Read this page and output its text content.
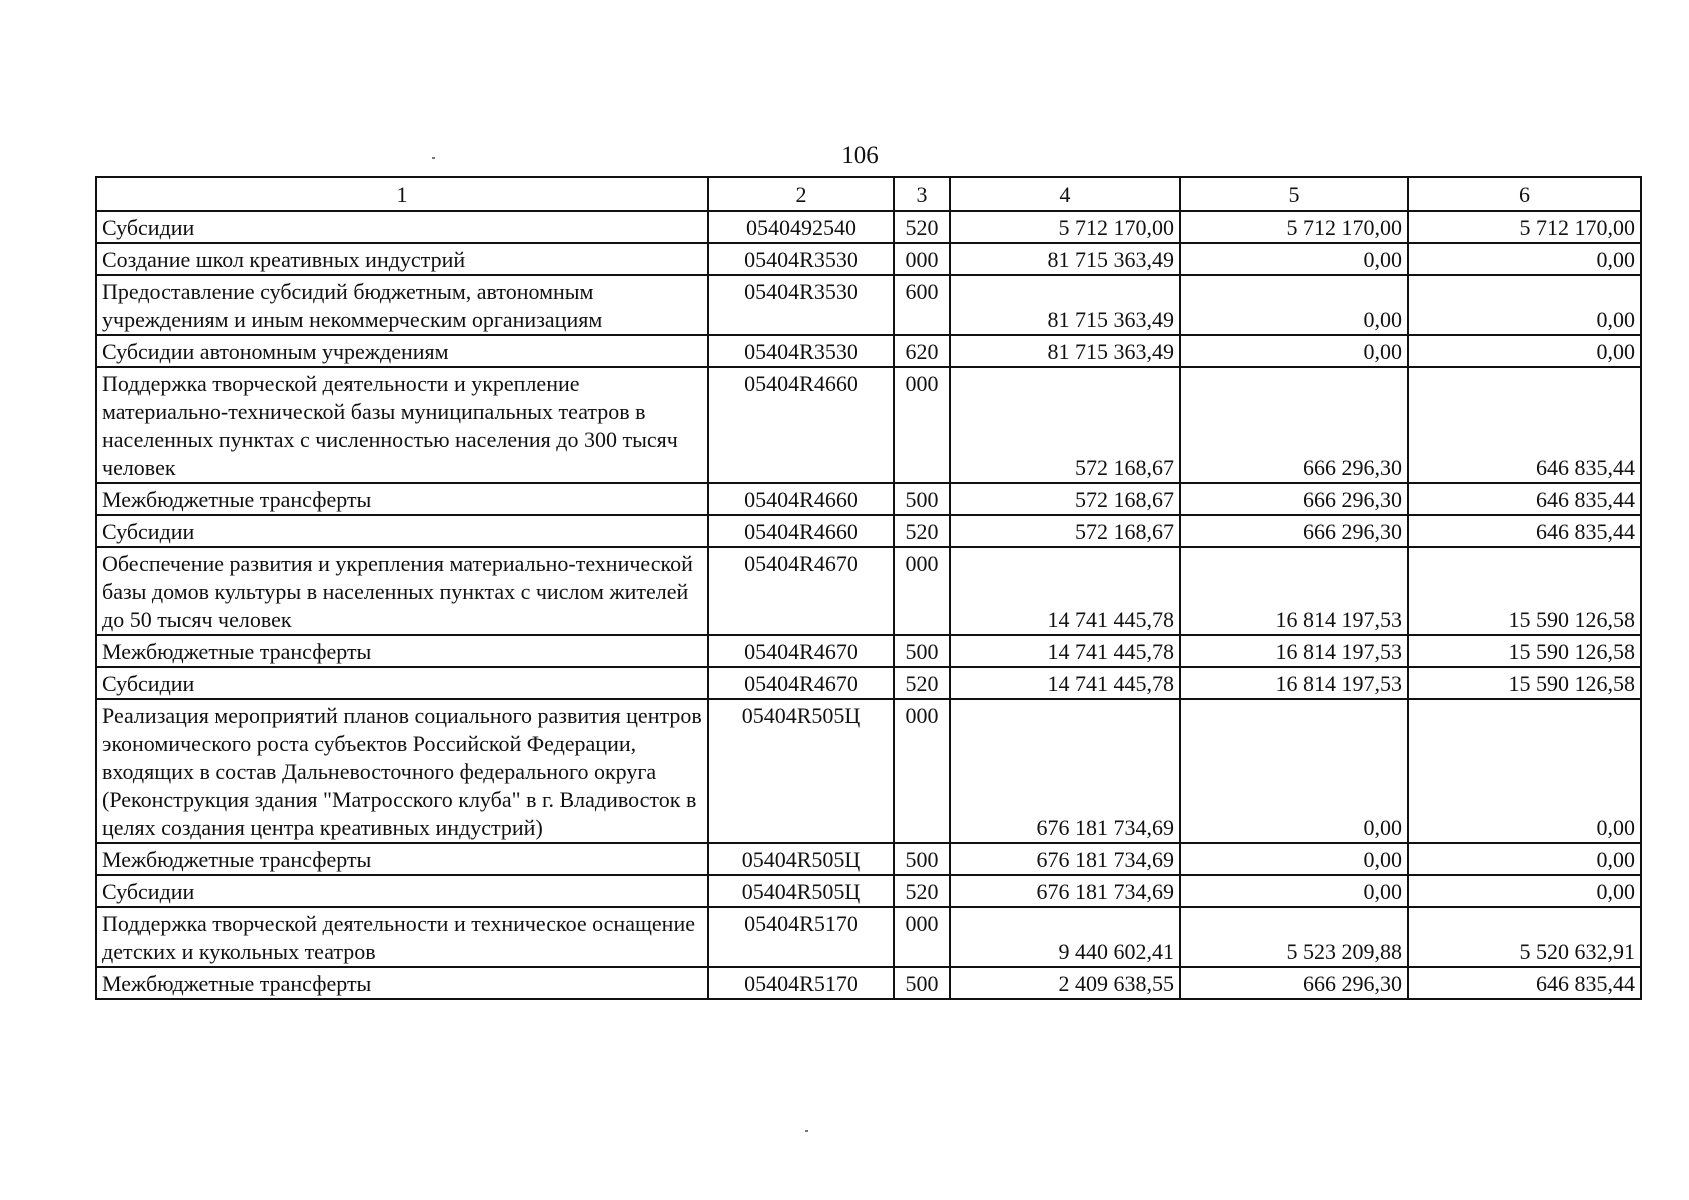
106
1	2	3	4	5	6
Субсидии	0540492540	520	5 712 170,00	5 712 170,00	5 712 170,00
Создание школ креативных индустрий	05404R3530	000	81 715 363,49	0,00	0,00
Предоставление субсидий бюджетным, автономным учреждениям и иным некоммерческим организациям	05404R3530	600	81 715 363,49	0,00	0,00
Субсидии автономным учреждениям	05404R3530	620	81 715 363,49	0,00	0,00
Поддержка творческой деятельности и укрепление материально-технической базы муниципальных театров в населенных пунктах с численностью населения до 300 тысяч человек	05404R4660	000	572 168,67	666 296,30	646 835,44
Межбюджетные трансферты	05404R4660	500	572 168,67	666 296,30	646 835,44
Субсидии	05404R4660	520	572 168,67	666 296,30	646 835,44
Обеспечение развития и укрепления материально-технической базы домов культуры в населенных пунктах с числом жителей до 50 тысяч человек	05404R4670	000	14 741 445,78	16 814 197,53	15 590 126,58
Межбюджетные трансферты	05404R4670	500	14 741 445,78	16 814 197,53	15 590 126,58
Субсидии	05404R4670	520	14 741 445,78	16 814 197,53	15 590 126,58
Реализация мероприятий планов социального развития центров экономического роста субъектов Российской Федерации, входящих в состав Дальневосточного федерального округа (Реконструкция здания "Матросского клуба" в г. Владивосток в целях создания центра креативных индустрий)	05404R505Ц	000	676 181 734,69	0,00	0,00
Межбюджетные трансферты	05404R505Ц	500	676 181 734,69	0,00	0,00
Субсидии	05404R505Ц	520	676 181 734,69	0,00	0,00
Поддержка творческой деятельности и техническое оснащение детских и кукольных театров	05404R5170	000	9 440 602,41	5 523 209,88	5 520 632,91
Межбюджетные трансферты	05404R5170	500	2 409 638,55	666 296,30	646 835,44
